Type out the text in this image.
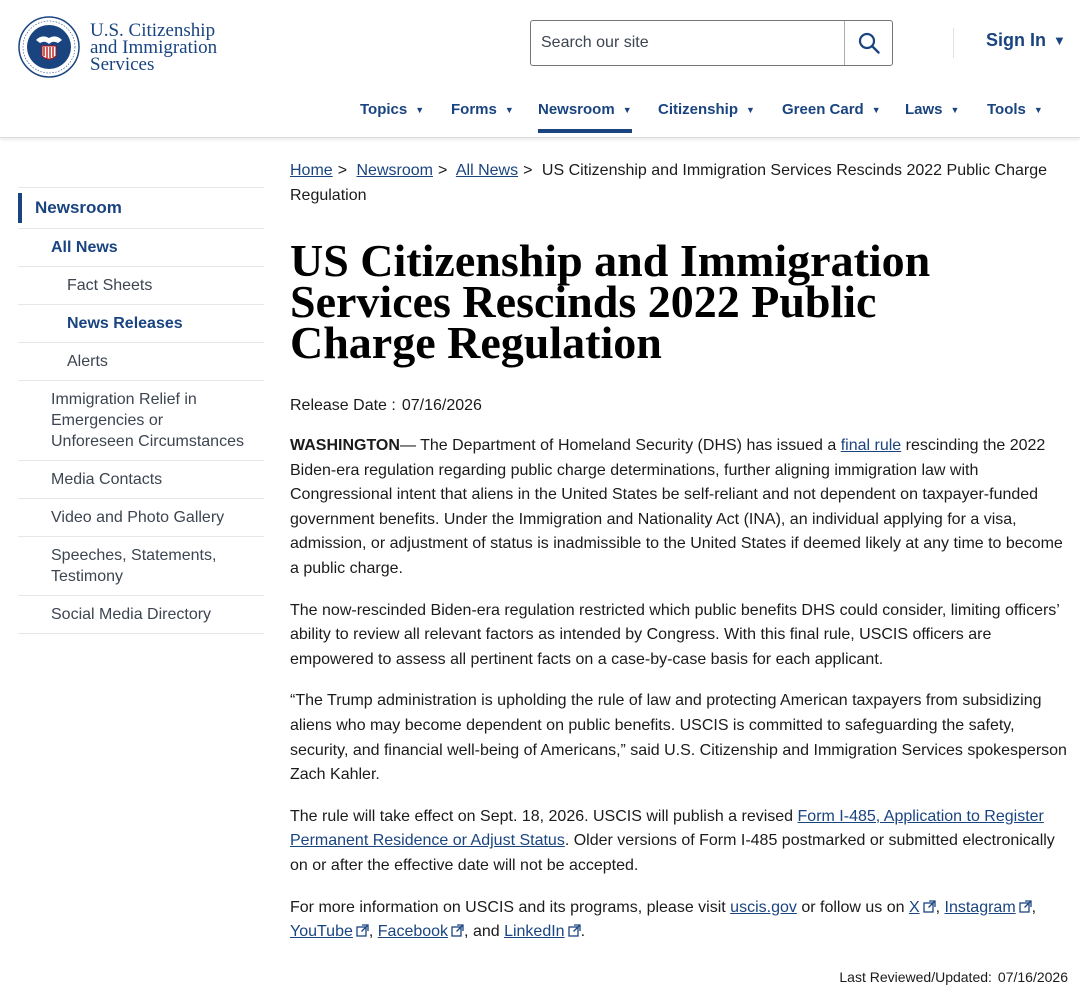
U.S. Citizenship
and Immigration
Services
Search our site
Sign In ▼
Topics ▼ Forms ▼ Newsroom ▼ Citizenship ▼ Green Card ▼ Laws ▼ Tools ▼
Newsroom
All News
Fact Sheets
News Releases
Alerts
Immigration Relief in Emergencies or Unforeseen Circumstances
Media Contacts
Video and Photo Gallery
Speeches, Statements, Testimony
Social Media Directory
Home > Newsroom > All News > US Citizenship and Immigration Services Rescinds 2022 Public Charge Regulation
US Citizenship and Immigration Services Rescinds 2022 Public Charge Regulation
Release Date : 07/16/2026

WASHINGTON— The Department of Homeland Security (DHS) has issued a final rule rescinding the 2022 Biden-era regulation regarding public charge determinations, further aligning immigration law with Congressional intent that aliens in the United States be self-reliant and not dependent on taxpayer-funded government benefits. Under the Immigration and Nationality Act (INA), an individual applying for a visa, admission, or adjustment of status is inadmissible to the United States if deemed likely at any time to become a public charge.

The now-rescinded Biden-era regulation restricted which public benefits DHS could consider, limiting officers’ ability to review all relevant factors as intended by Congress. With this final rule, USCIS officers are empowered to assess all pertinent facts on a case-by-case basis for each applicant.

“The Trump administration is upholding the rule of law and protecting American taxpayers from subsidizing aliens who may become dependent on public benefits. USCIS is committed to safeguarding the safety, security, and financial well-being of Americans,” said U.S. Citizenship and Immigration Services spokesperson Zach Kahler.

The rule will take effect on Sept. 18, 2026. USCIS will publish a revised Form I-485, Application to Register Permanent Residence or Adjust Status. Older versions of Form I-485 postmarked or submitted electronically on or after the effective date will not be accepted.

For more information on USCIS and its programs, please visit uscis.gov or follow us on X , Instagram , YouTube , Facebook , and LinkedIn .

Last Reviewed/Updated: 07/16/2026
